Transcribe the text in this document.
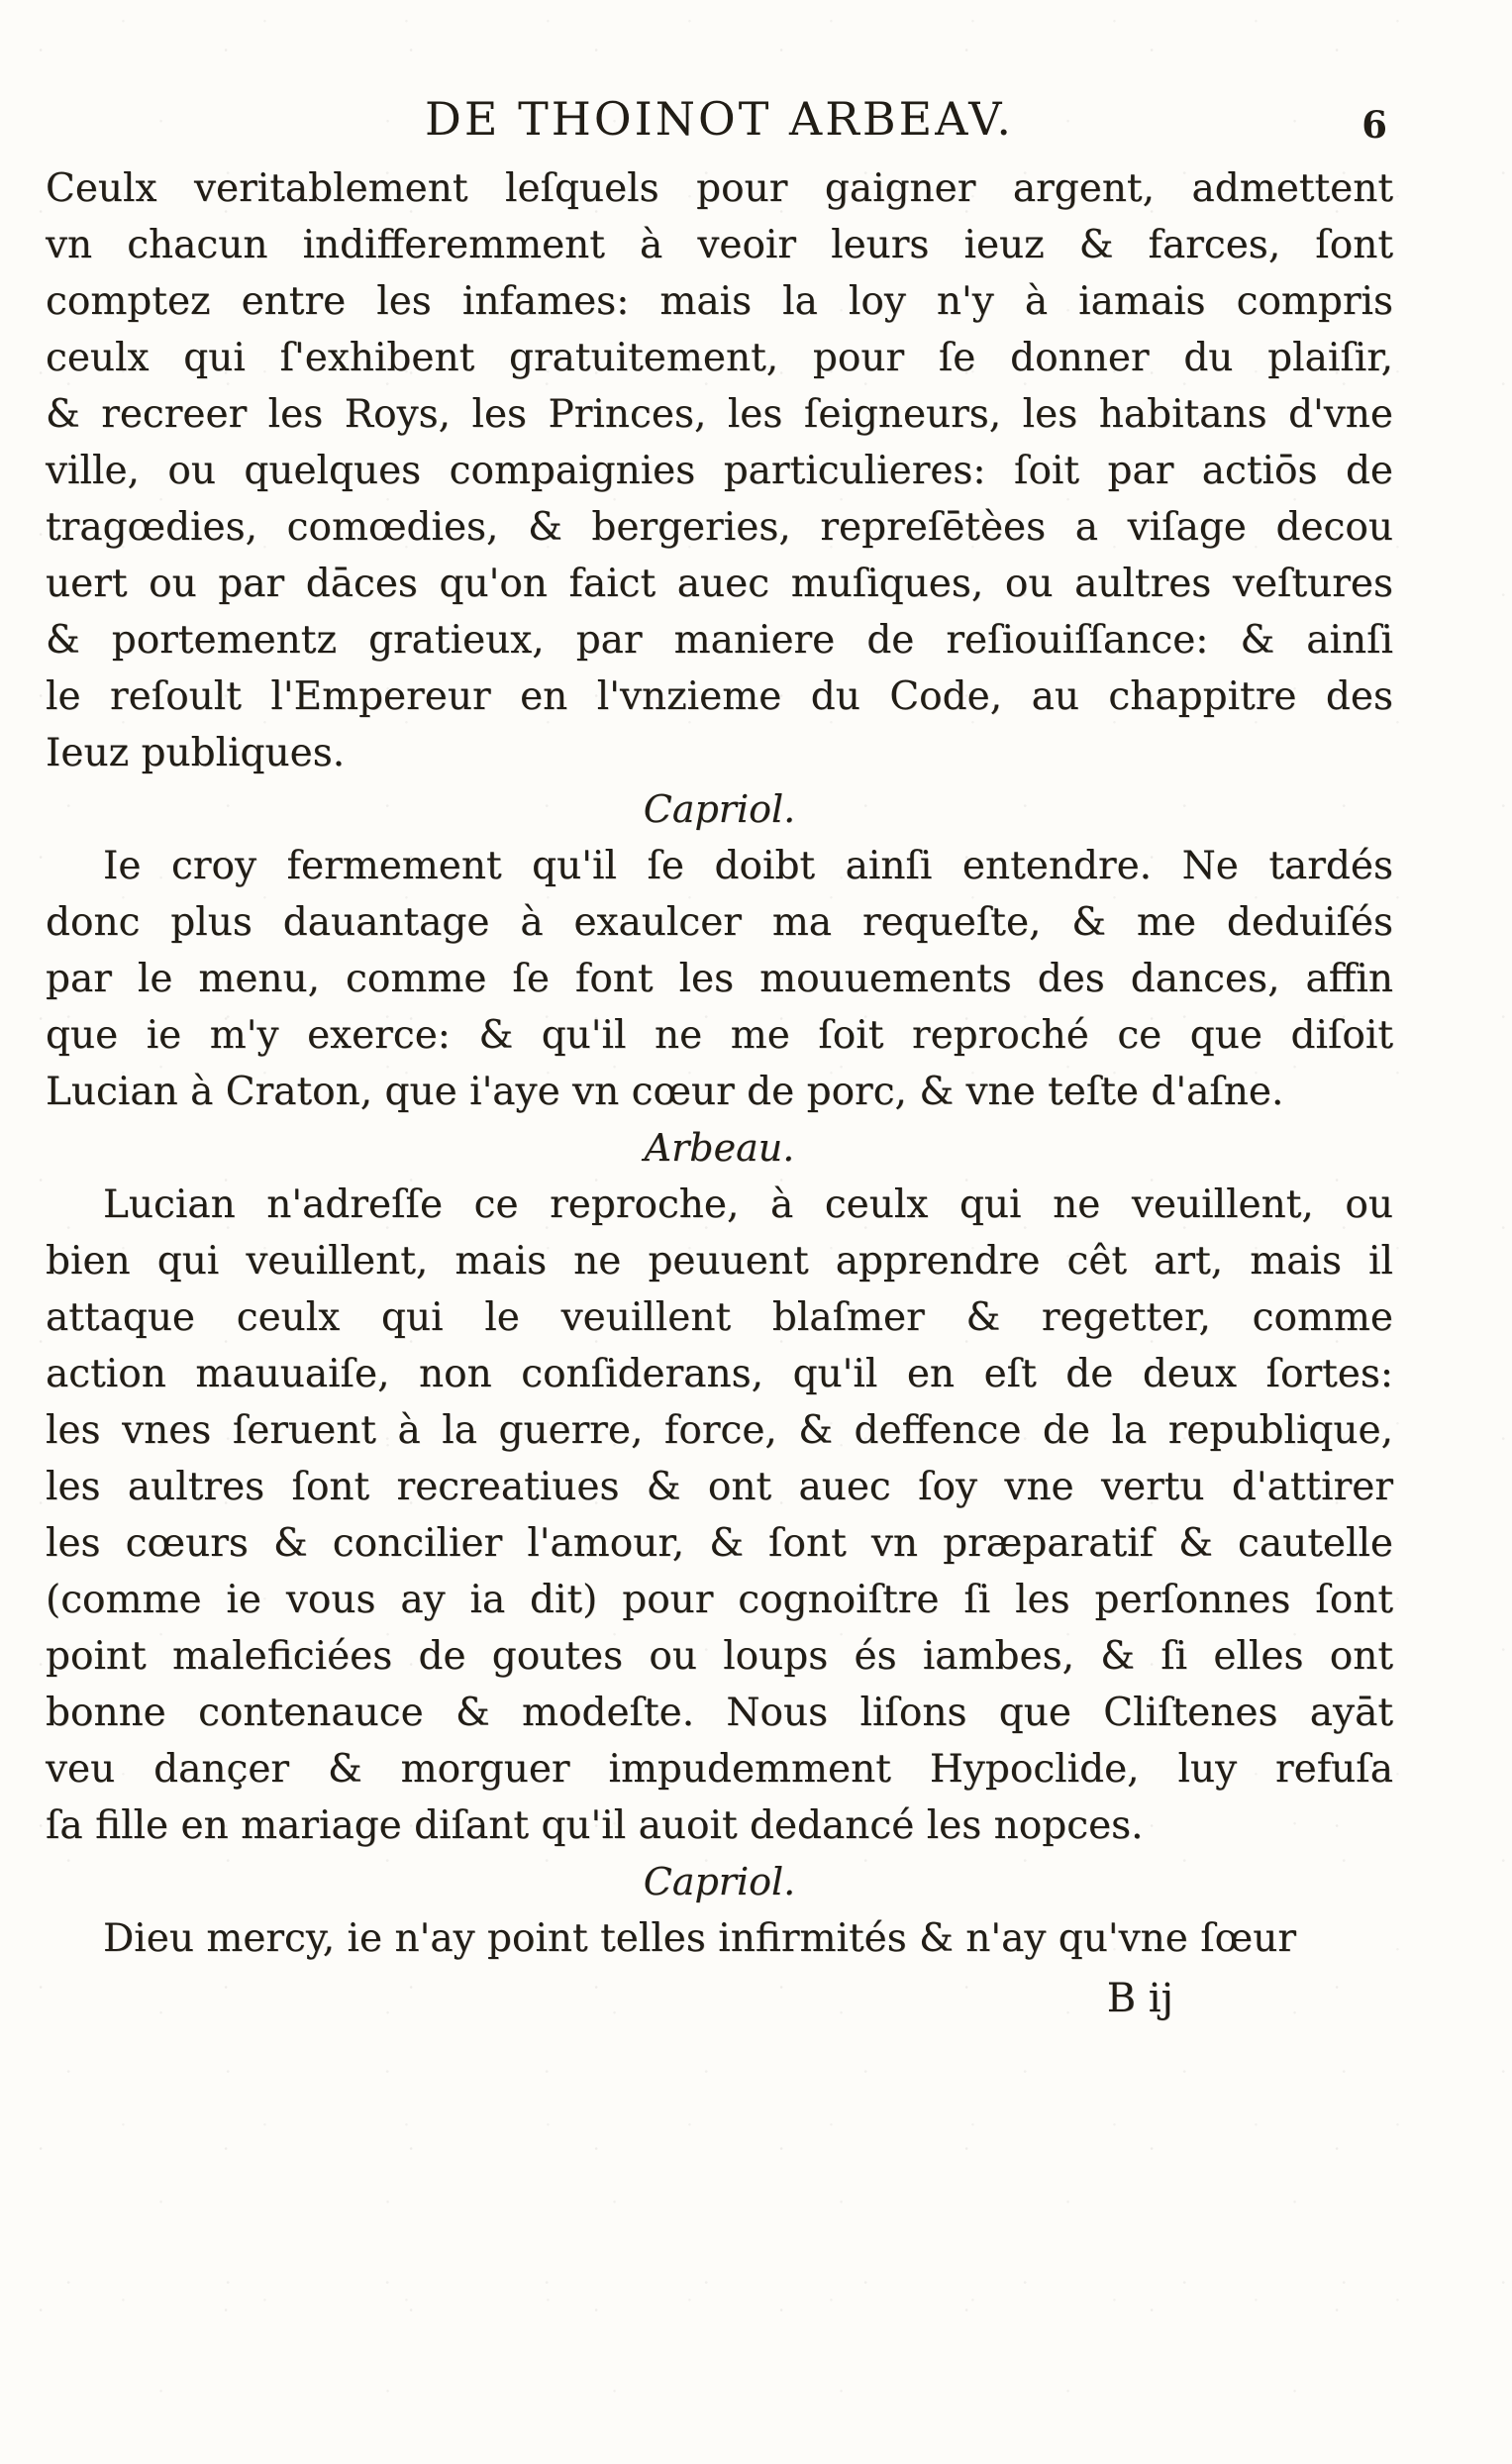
DE THOINOT ARBEAV.	6
Ceulx veritablement leſquels pour gaigner argent, admettent
vn chacun indifferemment à veoir leurs ieuz & farces, ſont
comptez entre les infames: mais la loy n'y à iamais compris
ceulx qui ſ'exhibent gratuitement, pour ſe donner du plaiſir,
& recreer les Roys, les Princes, les ſeigneurs, les habitans d'vne
ville, ou quelques compaignies particulieres: ſoit par actiōs de
tragœdies, comœdies, & bergeries, repreſētèes a viſage decou
uert ou par dāces qu'on faict auec muſiques, ou aultres veſtures
& portementz gratieux, par maniere de reſiouiſſance: & ainſi
le reſoult l'Empereur en l'vnzieme du Code, au chappitre des
Ieuz publiques.
Capriol.
Ie croy fermement qu'il ſe doibt ainſi entendre. Ne tardés
donc plus dauantage à exaulcer ma requeſte, & me deduiſés
par le menu, comme ſe font les mouuements des dances, affin
que ie m'y exerce: & qu'il ne me ſoit reproché ce que diſoit
Lucian à Craton, que i'aye vn cœur de porc, & vne teſte d'aſne.
Arbeau.
Lucian n'adreſſe ce reproche, à ceulx qui ne veuillent, ou
bien qui veuillent, mais ne peuuent apprendre cêt art, mais il
attaque ceulx qui le veuillent blaſmer & regetter, comme
action mauuaiſe, non conſiderans, qu'il en eſt de deux ſortes:
les vnes ſeruent à la guerre, force, & deffence de la republique,
les aultres ſont recreatiues & ont auec ſoy vne vertu d'attirer
les cœurs & concilier l'amour, & ſont vn præparatif & cautelle
(comme ie vous ay ia dit) pour cognoiſtre ſi les perſonnes ſont
point maleficiées de goutes ou loups és iambes, & ſi elles ont
bonne contenauce & modeſte. Nous liſons que Cliſtenes ayāt
veu dançer & morguer impudemment Hypoclide, luy refuſa
ſa fille en mariage diſant qu'il auoit dedancé les nopces.
Capriol.
Dieu mercy, ie n'ay point telles infirmités & n'ay qu'vne ſœur
B ij
